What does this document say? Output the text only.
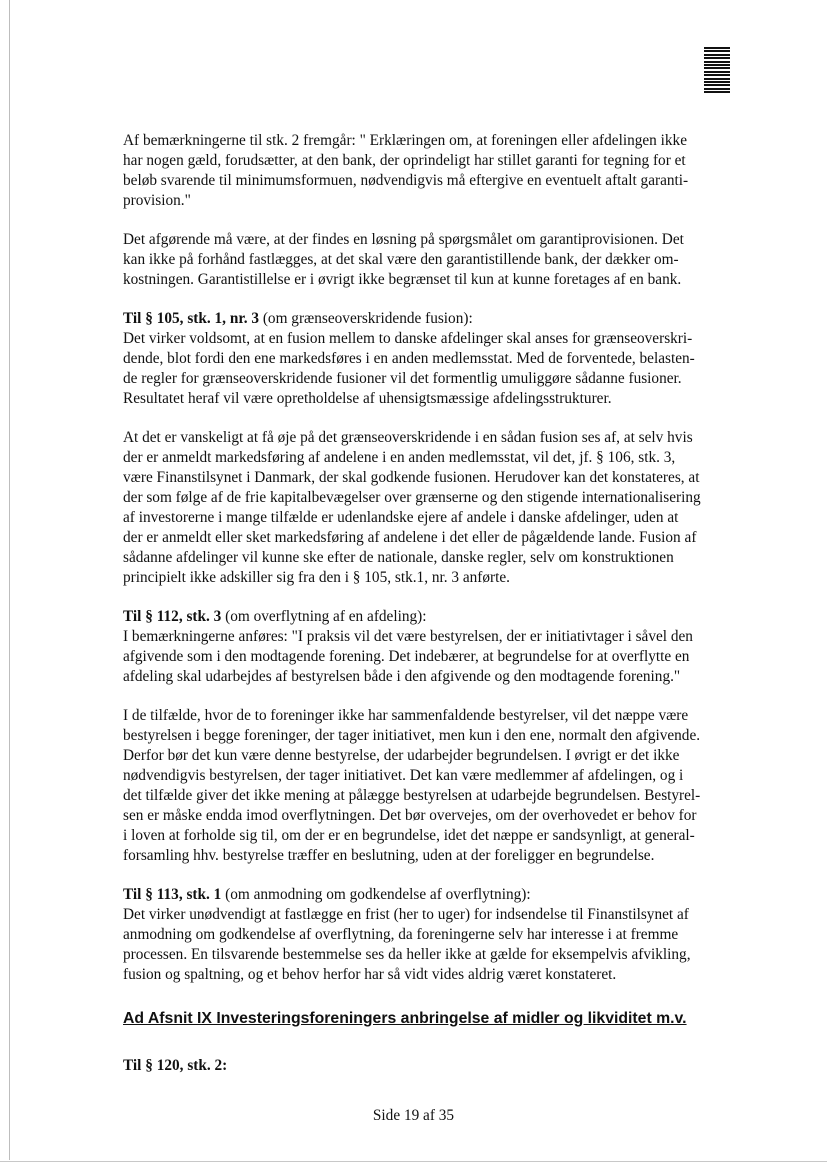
Af bemærkningerne til stk. 2 fremgår: " Erklæringen om, at foreningen eller afdelingen ikke
har nogen gæld, forudsætter, at den bank, der oprindeligt har stillet garanti for tegning for et
beløb svarende til minimumsformuen, nødvendigvis må eftergive en eventuelt aftalt garanti-
provision."

Det afgørende må være, at der findes en løsning på spørgsmålet om garantiprovisionen. Det
kan ikke på forhånd fastlægges, at det skal være den garantistillende bank, der dækker om-
kostningen. Garantistillelse er i øvrigt ikke begrænset til kun at kunne foretages af en bank.

Til § 105, stk. 1, nr. 3 (om grænseoverskridende fusion):
Det virker voldsomt, at en fusion mellem to danske afdelinger skal anses for grænseoverskri-
dende, blot fordi den ene markedsføres i en anden medlemsstat. Med de forventede, belasten-
de regler for grænseoverskridende fusioner vil det formentlig umuliggøre sådanne fusioner.
Resultatet heraf vil være opretholdelse af uhensigtsmæssige afdelingsstrukturer.

At det er vanskeligt at få øje på det grænseoverskridende i en sådan fusion ses af, at selv hvis
der er anmeldt markedsføring af andelene i en anden medlemsstat, vil det, jf. § 106, stk. 3,
være Finanstilsynet i Danmark, der skal godkende fusionen. Herudover kan det konstateres, at
der som følge af de frie kapitalbevægelser over grænserne og den stigende internationalisering
af investorerne i mange tilfælde er udenlandske ejere af andele i danske afdelinger, uden at
der er anmeldt eller sket markedsføring af andelene i det eller de pågældende lande. Fusion af
sådanne afdelinger vil kunne ske efter de nationale, danske regler, selv om konstruktionen
principielt ikke adskiller sig fra den i § 105, stk.1, nr. 3 anførte.

Til § 112, stk. 3 (om overflytning af en afdeling):
I bemærkningerne anføres: "I praksis vil det være bestyrelsen, der er initiativtager i såvel den
afgivende som i den modtagende forening. Det indebærer, at begrundelse for at overflytte en
afdeling skal udarbejdes af bestyrelsen både i den afgivende og den modtagende forening."

I de tilfælde, hvor de to foreninger ikke har sammenfaldende bestyrelser, vil det næppe være
bestyrelsen i begge foreninger, der tager initiativet, men kun i den ene, normalt den afgivende.
Derfor bør det kun være denne bestyrelse, der udarbejder begrundelsen. I øvrigt er det ikke
nødvendigvis bestyrelsen, der tager initiativet. Det kan være medlemmer af afdelingen, og i
det tilfælde giver det ikke mening at pålægge bestyrelsen at udarbejde begrundelsen. Bestyrel-
sen er måske endda imod overflytningen. Det bør overvejes, om der overhovedet er behov for
i loven at forholde sig til, om der er en begrundelse, idet det næppe er sandsynligt, at general-
forsamling hhv. bestyrelse træffer en beslutning, uden at der foreligger en begrundelse.

Til § 113, stk. 1 (om anmodning om godkendelse af overflytning):
Det virker unødvendigt at fastlægge en frist (her to uger) for indsendelse til Finanstilsynet af
anmodning om godkendelse af overflytning, da foreningerne selv har interesse i at fremme
processen. En tilsvarende bestemmelse ses da heller ikke at gælde for eksempelvis afvikling,
fusion og spaltning, og et behov herfor har så vidt vides aldrig været konstateret.

Ad Afsnit IX Investeringsforeningers anbringelse af midler og likviditet m.v.
Til § 120, stk. 2:
Side 19 af 35
